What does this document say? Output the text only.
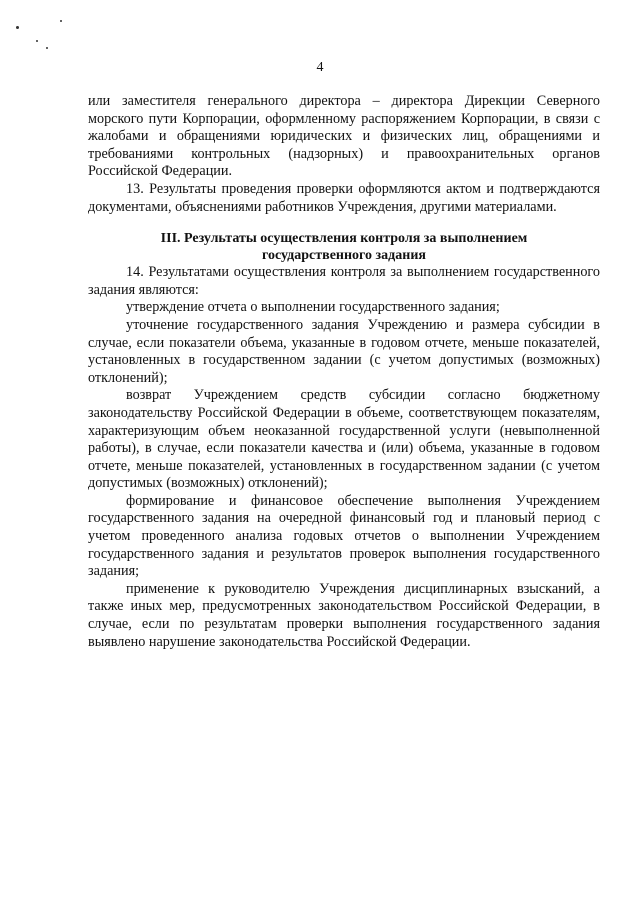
4

или заместителя генерального директора – директора Дирекции Северного морского пути Корпорации, оформленному распоряжением Корпорации, в связи с жалобами и обращениями юридических и физических лиц, обращениями и требованиями контрольных (надзорных) и правоохранительных органов Российской Федерации.

13. Результаты проведения проверки оформляются актом и подтверждаются документами, объяснениями работников Учреждения, другими материалами.

III. Результаты осуществления контроля за выполнением
государственного задания

14. Результатами осуществления контроля за выполнением государственного задания являются:

утверждение отчета о выполнении государственного задания;

уточнение государственного задания Учреждению и размера субсидии в случае, если показатели объема, указанные в годовом отчете, меньше показателей, установленных в государственном задании (с учетом допустимых (возможных) отклонений);

возврат Учреждением средств субсидии согласно бюджетному законодательству Российской Федерации в объеме, соответствующем показателям, характеризующим объем неоказанной государственной услуги (невыполненной работы), в случае, если показатели качества и (или) объема, указанные в годовом отчете, меньше показателей, установленных в государственном задании (с учетом допустимых (возможных) отклонений);

формирование и финансовое обеспечение выполнения Учреждением государственного задания на очередной финансовый год и плановый период с учетом проведенного анализа годовых отчетов о выполнении Учреждением государственного задания и результатов проверок выполнения государственного задания;

применение к руководителю Учреждения дисциплинарных взысканий, а также иных мер, предусмотренных законодательством Российской Федерации, в случае, если по результатам проверки выполнения государственного задания выявлено нарушение законодательства Российской Федерации.
